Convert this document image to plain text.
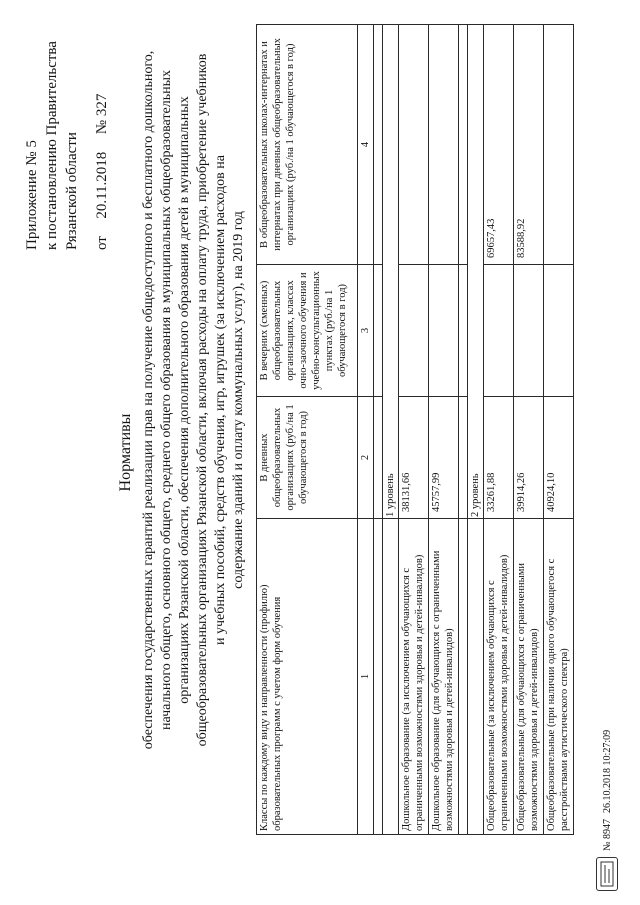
Приложение № 5 к постановлению Правительства Рязанской области от  20.11.2018  № 327
Нормативы обеспечения государственных гарантий реализации прав на получение общедоступного и бесплатного дошкольного, начального общего, основного общего, среднего общего образования в муниципальных общеобразовательных организациях Рязанской области, обеспечения дополнительного образования детей в муниципальных общеобразовательных организациях Рязанской области, включая расходы на оплату труда, приобретение учебников и учебных пособий, средств обучения, игр, игрушек (за исключением расходов на содержание зданий и оплату коммунальных услуг), на 2019 год
Классы по каждому виду и направленности (профилю) образовательных программ с учетом форм обучения	В дневных общеобразовательных организациях (руб./на 1 обучающегося в год)	В вечерних (сменных) общеобразовательных организациях, классах очно-заочного обучения и учебно-консультационных пунктах (руб./на 1 обучающегося в год)	В общеобразовательных школах-интернатах и интернатах при дневных общеобразовательных организациях (руб./на 1 обучающегося в год)
1	2	3	4

	1 уровень		
Дошкольное образование (за исключением обучающихся с ограниченными возможностями здоровья и детей-инвалидов)	38131,66		
Дошкольное образование (для обучающихся с ограниченными возможностями здоровья и детей-инвалидов)	45757,99		

	2 уровень		
Общеобразовательные (за исключением обучающихся с ограниченными возможностями здоровья и детей-инвалидов)	33261,88		69657,43
Общеобразовательные (для обучающихся с ограниченными возможностями здоровья и детей-инвалидов)	39914,26		83588,92
Общеобразовательные (при наличии одного обучающегося с расстройствами аутистического спектра)	40924,10		
№ 8947
26.10.2018 10:27:09
